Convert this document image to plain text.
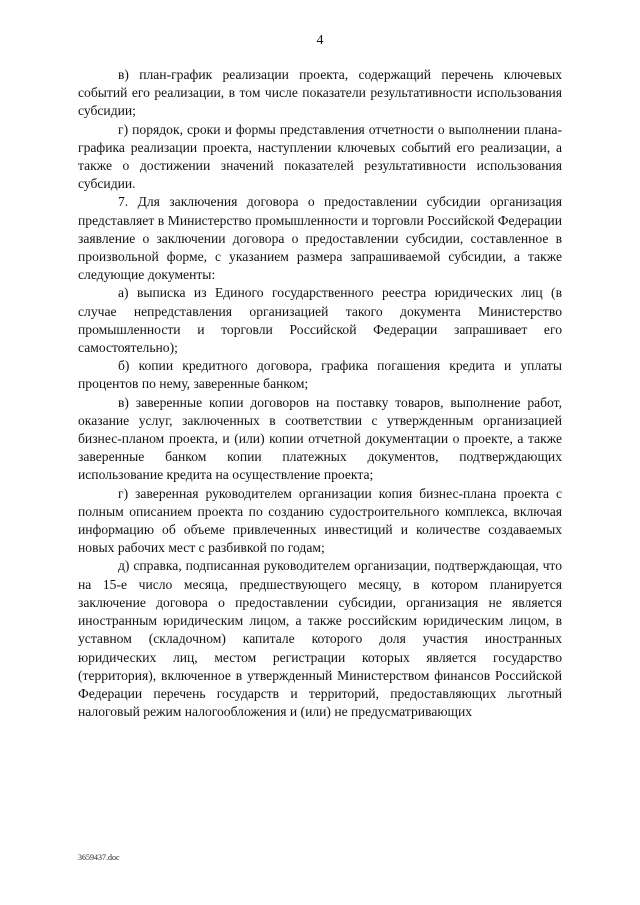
4

в) план-график реализации проекта, содержащий перечень ключевых событий его реализации, в том числе показатели результативности использования субсидии;

г) порядок, сроки и формы представления отчетности о выполнении плана-графика реализации проекта, наступлении ключевых событий его реализации, а также о достижении значений показателей результативности использования субсидии.

7. Для заключения договора о предоставлении субсидии организация представляет в Министерство промышленности и торговли Российской Федерации заявление о заключении договора о предоставлении субсидии, составленное в произвольной форме, с указанием размера запрашиваемой субсидии, а также следующие документы:

а) выписка из Единого государственного реестра юридических лиц (в случае непредставления организацией такого документа Министерство промышленности и торговли Российской Федерации запрашивает его самостоятельно);

б) копии кредитного договора, графика погашения кредита и уплаты процентов по нему, заверенные банком;

в) заверенные копии договоров на поставку товаров, выполнение работ, оказание услуг, заключенных в соответствии с утвержденным организацией бизнес-планом проекта, и (или) копии отчетной документации о проекте, а также заверенные банком копии платежных документов, подтверждающих использование кредита на осуществление проекта;

г) заверенная руководителем организации копия бизнес-плана проекта с полным описанием проекта по созданию судостроительного комплекса, включая информацию об объеме привлеченных инвестиций и количестве создаваемых новых рабочих мест с разбивкой по годам;

д) справка, подписанная руководителем организации, подтверждающая, что на 15-е число месяца, предшествующего месяцу, в котором планируется заключение договора о предоставлении субсидии, организация не является иностранным юридическим лицом, а также российским юридическим лицом, в уставном (складочном) капитале которого доля участия иностранных юридических лиц, местом регистрации которых является государство (территория), включенное в утвержденный Министерством финансов Российской Федерации перечень государств и территорий, предоставляющих льготный налоговый режим налогообложения и (или) не предусматривающих

3659437.doc
